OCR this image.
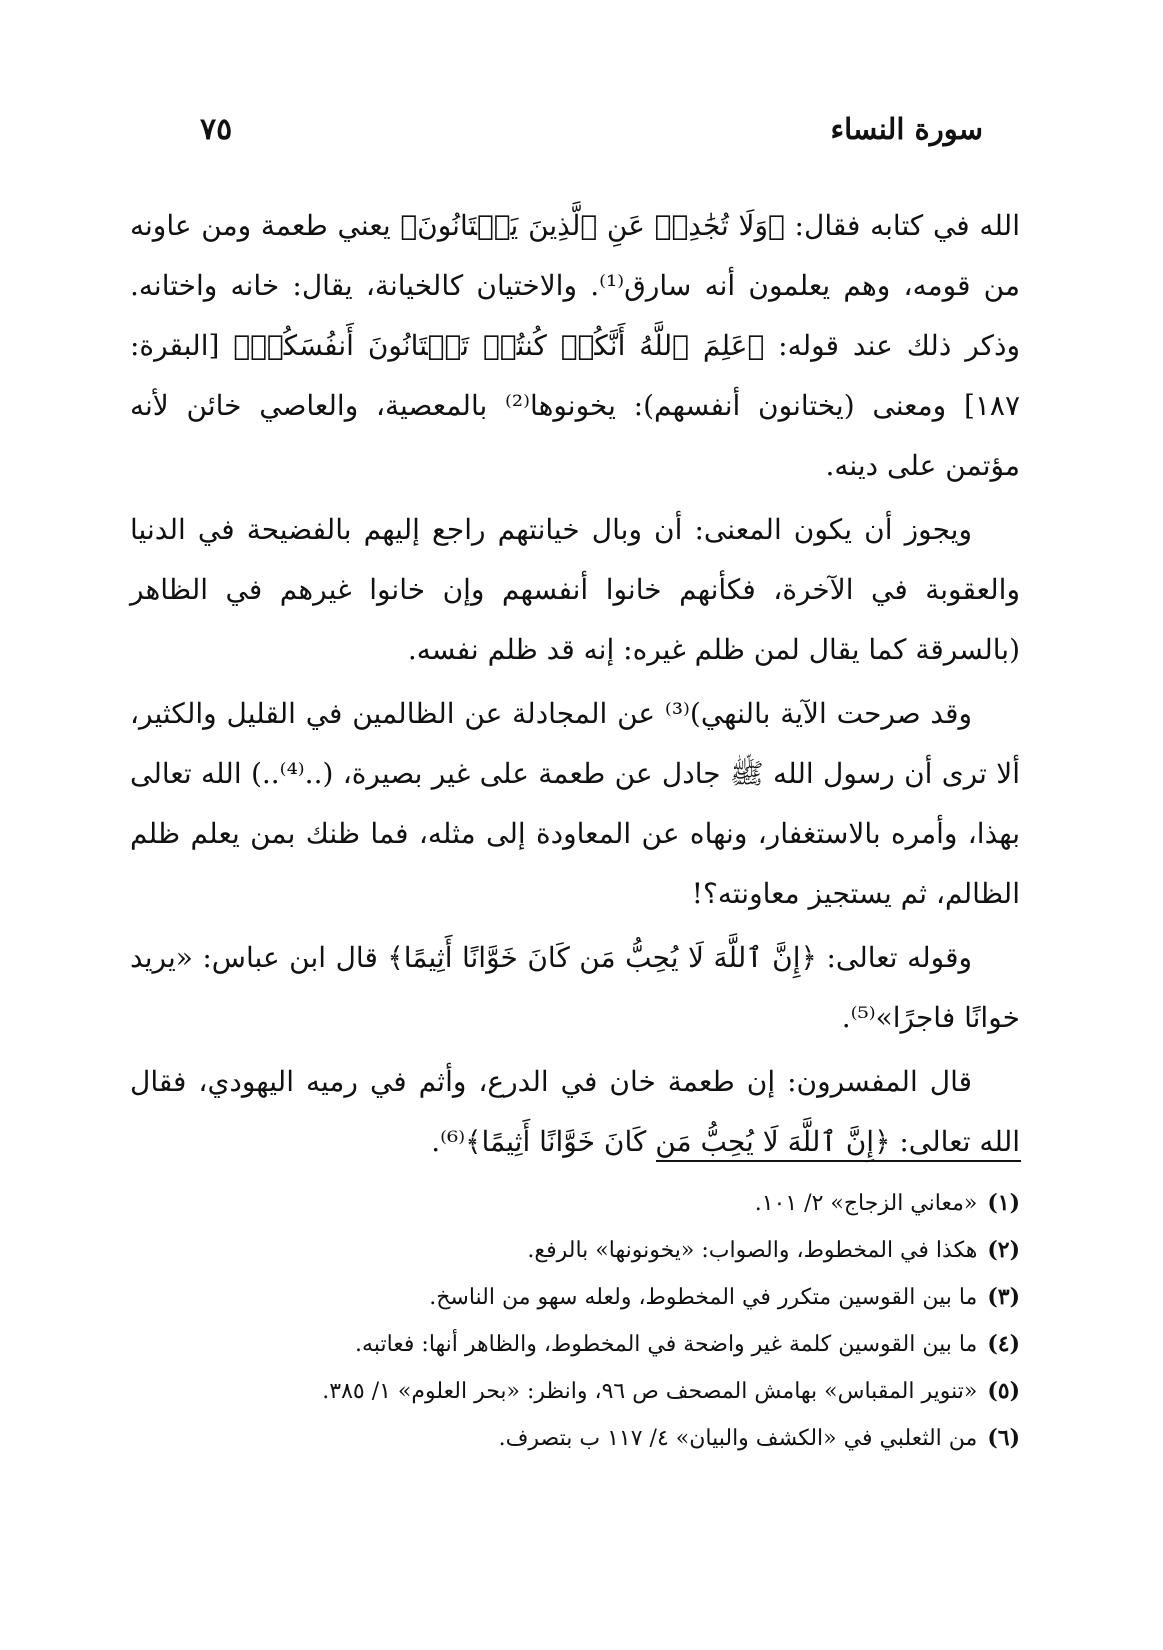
سورة النساء
٧٥

الله في كتابه فقال: ﴿وَلَا تُجَٰدِلۡ عَنِ ٱلَّذِينَ يَخۡتَانُونَ﴾ يعني طعمة ومن عاونه من قومه، وهم يعلمون أنه سارق⁽¹⁾. والاختيان كالخيانة، يقال: خانه واختانه. وذكر ذلك عند قوله: ﴿عَلِمَ ٱللَّهُ أَنَّكُمۡ كُنتُمۡ تَخۡتَانُونَ أَنفُسَكُمۡ﴾ [البقرة: ١٨٧] ومعنى (يختانون أنفسهم): يخونوها⁽²⁾ بالمعصية، والعاصي خائن لأنه مؤتمن على دينه.

ويجوز أن يكون المعنى: أن وبال خيانتهم راجع إليهم بالفضيحة في الدنيا والعقوبة في الآخرة، فكأنهم خانوا أنفسهم وإن خانوا غيرهم في الظاهر (بالسرقة كما يقال لمن ظلم غيره: إنه قد ظلم نفسه.

وقد صرحت الآية بالنهي)⁽³⁾ عن المجادلة عن الظالمين في القليل والكثير، ألا ترى أن رسول الله ﷺ جادل عن طعمة على غير بصيرة، (..⁽⁴⁾..) الله تعالى بهذا، وأمره بالاستغفار، ونهاه عن المعاودة إلى مثله، فما ظنك بمن يعلم ظلم الظالم، ثم يستجيز معاونته؟!

وقوله تعالى: ﴿إِنَّ ٱللَّهَ لَا يُحِبُّ مَن كَانَ خَوَّانًا أَثِيمًا﴾ قال ابن عباس: «يريد خوانًا فاجرًا»⁽⁵⁾.

قال المفسرون: إن طعمة خان في الدرع، وأثم في رميه اليهودي، فقال الله تعالى: ﴿إِنَّ ٱللَّهَ لَا يُحِبُّ مَن كَانَ خَوَّانًا أَثِيمًا﴾⁽⁶⁾.

(١)«معاني الزجاج» ٢/ ١٠١.
(٢)هكذا في المخطوط، والصواب: «يخونونها» بالرفع.
(٣)ما بين القوسين متكرر في المخطوط، ولعله سهو من الناسخ.
(٤)ما بين القوسين كلمة غير واضحة في المخطوط، والظاهر أنها: فعاتبه.
(٥)«تنوير المقباس» بهامش المصحف ص ٩٦، وانظر: «بحر العلوم» ١/ ٣٨٥.
(٦)من الثعلبي في «الكشف والبيان» ٤/ ١١٧ ب بتصرف.
